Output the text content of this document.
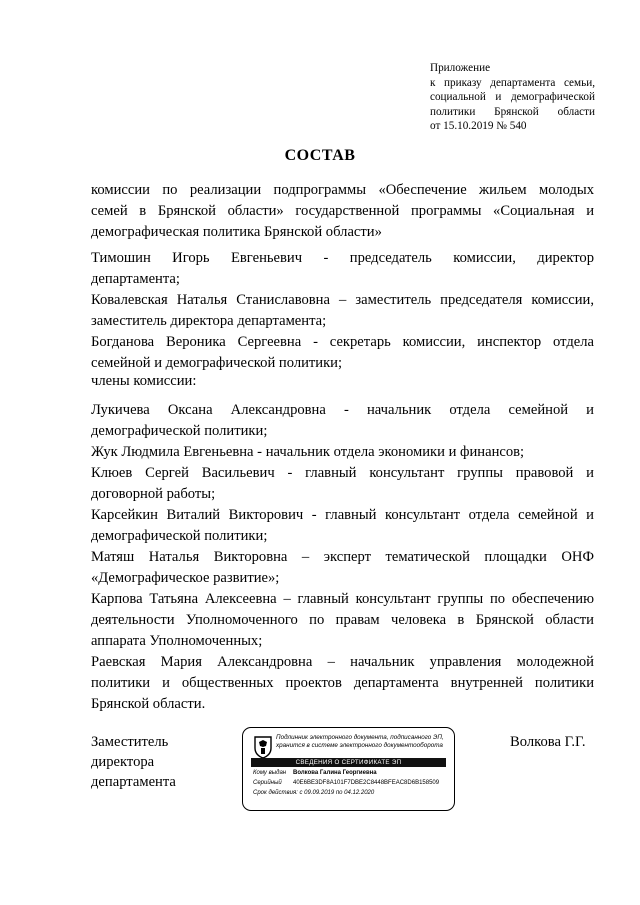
Приложение
к приказу департамента семьи,
социальной и демографической
политики Брянской области
от 15.10.2019 № 540
СОСТАВ
комиссии по реализации подпрограммы «Обеспечение жильем молодых
семей в Брянской области» государственной программы «Социальная и
демографическая политика Брянской области»
Тимошин Игорь Евгеньевич - председатель комиссии, директор
департамента;
Ковалевская Наталья Станиславовна – заместитель председателя комиссии,
заместитель директора департамента;
Богданова Вероника Сергеевна - секретарь комиссии, инспектор отдела
семейной и демографической политики;
члены комиссии:
Лукичева Оксана Александровна - начальник отдела семейной и
демографической политики;
Жук Людмила Евгеньевна - начальник отдела экономики и финансов;
Клюев Сергей Васильевич - главный консультант группы правовой и
договорной работы;
Карсейкин Виталий Викторович - главный консультант отдела семейной и
демографической политики;
Матяш Наталья Викторовна – эксперт тематической площадки ОНФ
«Демографическое развитие»;
Карпова Татьяна Алексеевна – главный консультант группы по обеспечению
деятельности Уполномоченного по правам человека в Брянской области
аппарата Уполномоченных;
Раевская Мария Александровна – начальник управления молодежной
политики и общественных проектов департамента внутренней политики
Брянской области.
Заместитель
директора
департамента
Волкова Г.Г.
Подлинник электронного документа, подписанного ЭП,
хранится в системе электронного документооборота
СВЕДЕНИЯ О СЕРТИФИКАТЕ ЭП
Кому выдан Волкова Галина Георгиевна
Серийный 40E6BE3DF8A101F7DBE2C8448BFEAC8D6B158509
Срок действия: с 09.09.2019 по 04.12.2020
